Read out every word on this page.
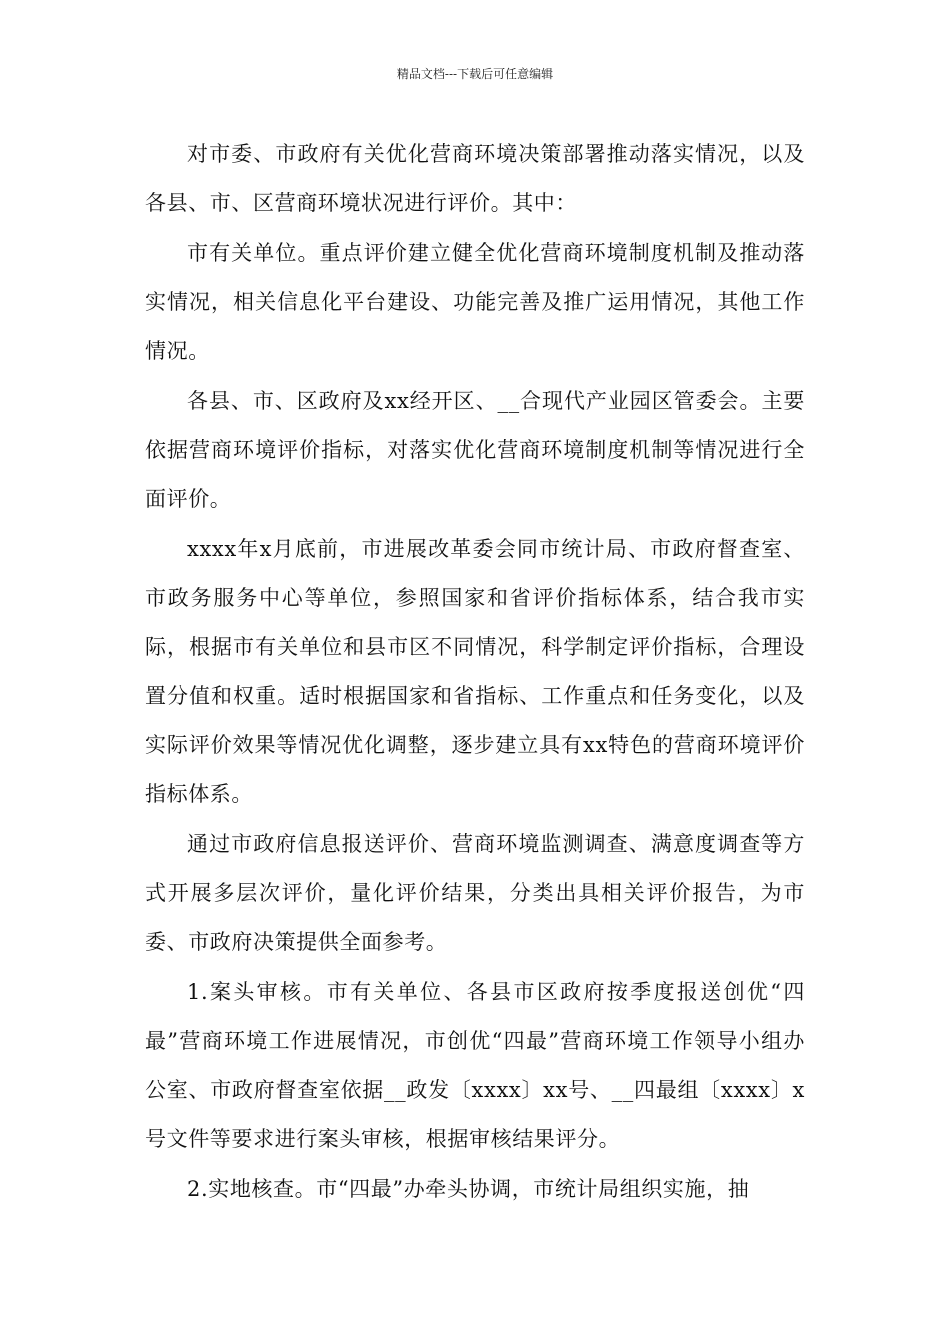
精品文档---下载后可任意编辑

对市委、市政府有关优化营商环境决策部署推动落实情况，以及各县、市、区营商环境状况进行评价。其中：

市有关单位。重点评价建立健全优化营商环境制度机制及推动落实情况，相关信息化平台建设、功能完善及推广运用情况，其他工作情况。

各县、市、区政府及xx经开区、__合现代产业园区管委会。主要依据营商环境评价指标，对落实优化营商环境制度机制等情况进行全面评价。

xxxx年x月底前，市进展改革委会同市统计局、市政府督查室、市政务服务中心等单位，参照国家和省评价指标体系，结合我市实际，根据市有关单位和县市区不同情况，科学制定评价指标，合理设置分值和权重。适时根据国家和省指标、工作重点和任务变化，以及实际评价效果等情况优化调整，逐步建立具有xx特色的营商环境评价指标体系。

通过市政府信息报送评价、营商环境监测调查、满意度调查等方式开展多层次评价，量化评价结果，分类出具相关评价报告，为市委、市政府决策提供全面参考。

1.案头审核。市有关单位、各县市区政府按季度报送创优“四最”营商环境工作进展情况，市创优“四最”营商环境工作领导小组办公室、市政府督查室依据__政发〔xxxx〕xx号、__四最组〔xxxx〕x号文件等要求进行案头审核，根据审核结果评分。

2.实地核查。市“四最”办牵头协调，市统计局组织实施，抽
